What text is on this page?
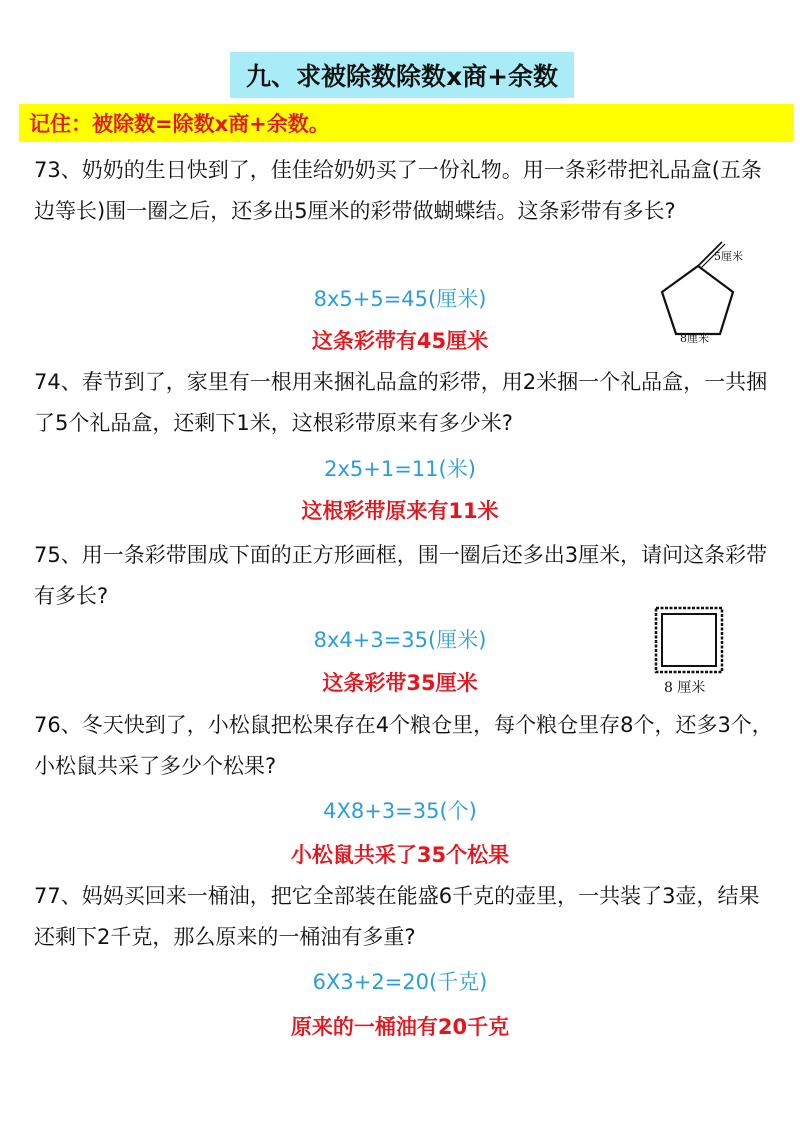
九、求被除数除数x商+余数
记住：被除数=除数x商+余数。
73、奶奶的生日快到了，佳佳给奶奶买了一份礼物。用一条彩带把礼品盒(五条边等长)围一圈之后，还多出5厘米的彩带做蝴蝶结。这条彩带有多长?
8x5+5=45(厘米)
这条彩带有45厘米
5厘米
8厘米
74、春节到了，家里有一根用来捆礼品盒的彩带，用2米捆一个礼品盒，一共捆了5个礼品盒，还剩下1米，这根彩带原来有多少米?
2x5+1=11(米)
这根彩带原来有11米
75、用一条彩带围成下面的正方形画框，围一圈后还多出3厘米，请问这条彩带有多长?
8x4+3=35(厘米)
这条彩带35厘米	8 厘米
76、冬天快到了，小松鼠把松果存在4个粮仓里，每个粮仓里存8个，还多3个，小松鼠共采了多少个松果?
4X8+3=35(个)
小松鼠共采了35个松果
77、妈妈买回来一桶油，把它全部装在能盛6千克的壶里，一共装了3壶，结果还剩下2千克，那么原来的一桶油有多重?
6X3+2=20(千克)
原来的一桶油有20千克
